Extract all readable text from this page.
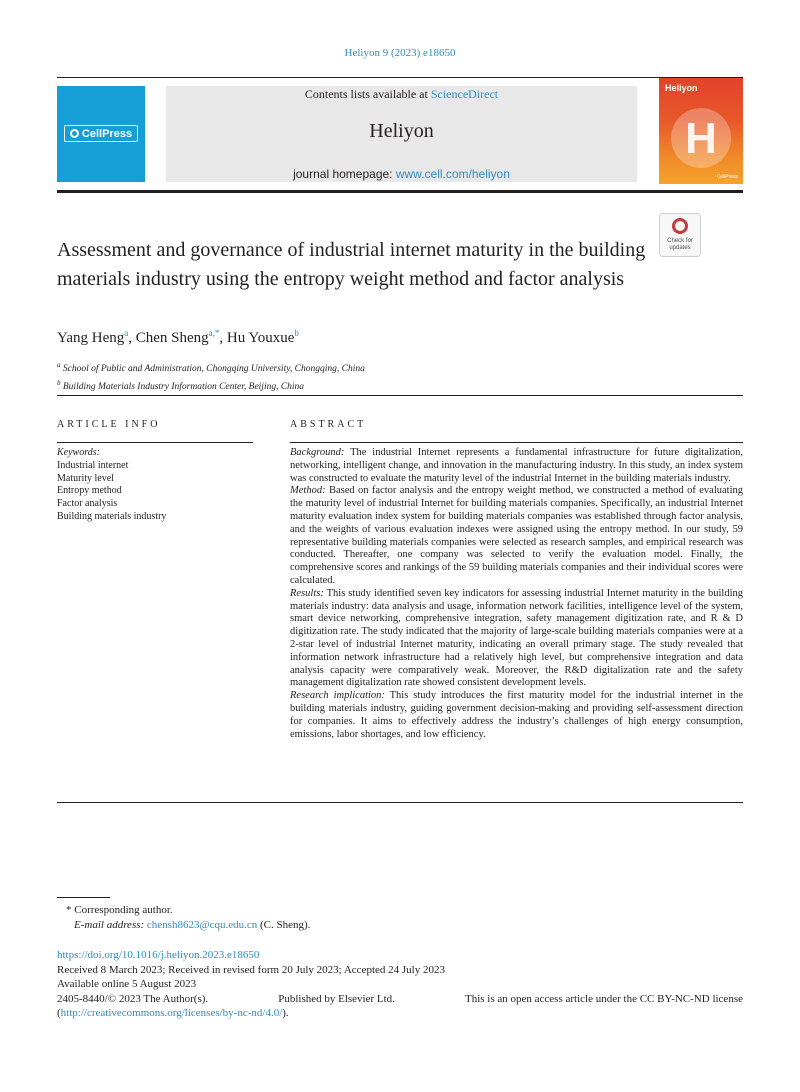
Heliyon 9 (2023) e18650
CellPress
Contents lists available at ScienceDirect
Heliyon
journal homepage: www.cell.com/heliyon
Heliyon
H
CellPress
Assessment and governance of industrial internet maturity in the building materials industry using the entropy weight method and factor analysis
Check for
updates
Yang Heng$^a$, Chen Sheng$^{a,*}$, Hu Youxue$^b$
$^a$ School of Public and Administration, Chongqing University, Chongqing, China
$^b$ Building Materials Industry Information Center, Beijing, China
ARTICLE INFO
Keywords:
Industrial internet
Maturity level
Entropy method
Factor analysis
Building materials industry
ABSTRACT

Background: The industrial Internet represents a fundamental infrastructure for future digitalization, networking, intelligent change, and innovation in the manufacturing industry. In this study, an index system was constructed to evaluate the maturity level of the industrial Internet in the building materials industry.

Method: Based on factor analysis and the entropy weight method, we constructed a method of evaluating the maturity level of industrial Internet for building materials companies. Specifically, an industrial Internet maturity evaluation index system for building materials companies was established through factor analysis, and the weights of various evaluation indexes were assigned using the entropy method. In our study, 59 representative building materials companies were selected as research samples, and empirical research was conducted. Thereafter, one company was selected to verify the evaluation model. Finally, the comprehensive scores and rankings of the 59 building materials companies and their individual scores were calculated.

Results: This study identified seven key indicators for assessing industrial Internet maturity in the building materials industry: data analysis and usage, information network facilities, intelligence level of the system, smart device networking, comprehensive integration, safety management digitization rate, and R & D digitization rate. The study indicated that the majority of large-scale building materials companies were at a 2-star level of industrial Internet maturity, indicating an overall primary stage. The study revealed that information network infrastructure had a relatively high level, but comprehensive integration and data analysis capacity were comparatively weak. Moreover, the R&D digitalization rate and the safety management digitalization rate showed consistent development levels.

Research implication: This study introduces the first maturity model for the industrial internet in the building materials industry, guiding government decision-making and providing self-assessment direction for companies. It aims to effectively address the industry’s challenges of high energy consumption, emissions, labor shortages, and low efficiency.

* Corresponding author.
E-mail address: chensh8623@cqu.edu.cn (C. Sheng).
https://doi.org/10.1016/j.heliyon.2023.e18650

Received 8 March 2023; Received in revised form 20 July 2023; Accepted 24 July 2023

Available online 5 August 2023

2405-8440/© 2023 The Author(s).	Published by Elsevier Ltd.	This is an open access article under the CC BY-NC-ND license

(http://creativecommons.org/licenses/by-nc-nd/4.0/).
